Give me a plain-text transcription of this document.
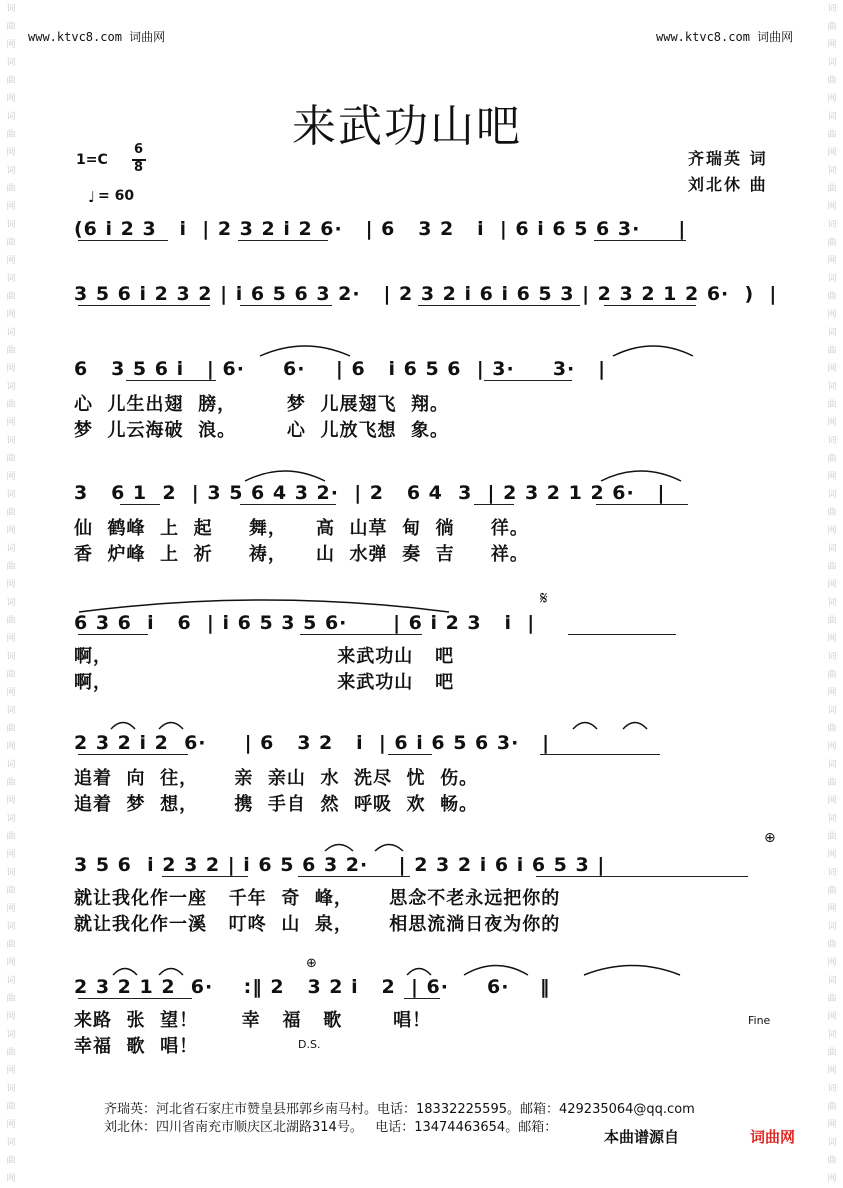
词曲网词曲网词曲网词曲网词曲网词曲网词曲网词曲网词曲网词曲网词曲网词曲网词曲网词曲网词曲网词曲网词曲网词曲网词曲网词曲网词曲网词曲网
词曲网词曲网词曲网词曲网词曲网词曲网词曲网词曲网词曲网词曲网词曲网词曲网词曲网词曲网词曲网词曲网词曲网词曲网词曲网词曲网词曲网词曲网
www.ktvc8.com 词曲网	www.ktvc8.com 词曲网
来武功山吧
1=C
6
8
♩ = 60
齐瑞英 词
刘北休 曲
(6 i 2 3   i  | 2 3 2 i 2 6·   | 6   3 2   i  | 6 i 6 5 6 3·     |
3 5 6 i 2 3 2 | i 6 5 6 3 2·   | 2 3 2 i 6 i 6 5 3 | 2 3 2 1 2 6·  )  |
6   3 5 6 i   | 6·     6·    | 6   i 6 5 6  | 3·     3·   |
心  儿生出翅  膀，       梦  儿展翅飞  翔。
梦  儿云海破  浪。       心  儿放飞想  象。
3   6 1  2  | 3 5 6 4 3 2·  | 2   6 4  3  | 2 3 2 1 2 6·   |
仙  鹤峰  上  起     舞，    高  山草  甸  徜     徉。
香  炉峰  上  祈     祷，    山  水弹  奏  吉     祥。
𝄋
6 3 6  i   6  | i 6 5 3 5 6·      | 6 i 2 3   i  |
啊，                               来武功山   吧
啊，                               来武功山   吧
2 3 2 i 2  6·     | 6   3 2   i  | 6 i 6 5 6 3·   |
追着  向  往，     亲  亲山  水  洗尽  忧  伤。
追着  梦  想，     携  手自  然  呼吸  欢  畅。
⊕
3 5 6  i 2 3 2 | i 6 5 6 3 2·    | 2 3 2 i 6 i 6 5 3 |
就让我化作一座   千年  奇  峰，     思念不老永远把你的
就让我化作一溪   叮咚  山  泉，     相思流淌日夜为你的
⊕
2 3 2 1 2  6·    :‖ 2   3 2 i   2  | 6·     6·    ‖
来路  张  望！      幸   福   歌       唱！
幸福  歌  唱！	D.S.
Fine
齐瑞英：河北省石家庄市赞皇县邢郭乡南马村。电话：18332225595。邮箱：429235064@qq.com
刘北休：四川省南充市顺庆区北湖路314号。   电话：13474463654。邮箱：
本曲谱源自	词曲网
